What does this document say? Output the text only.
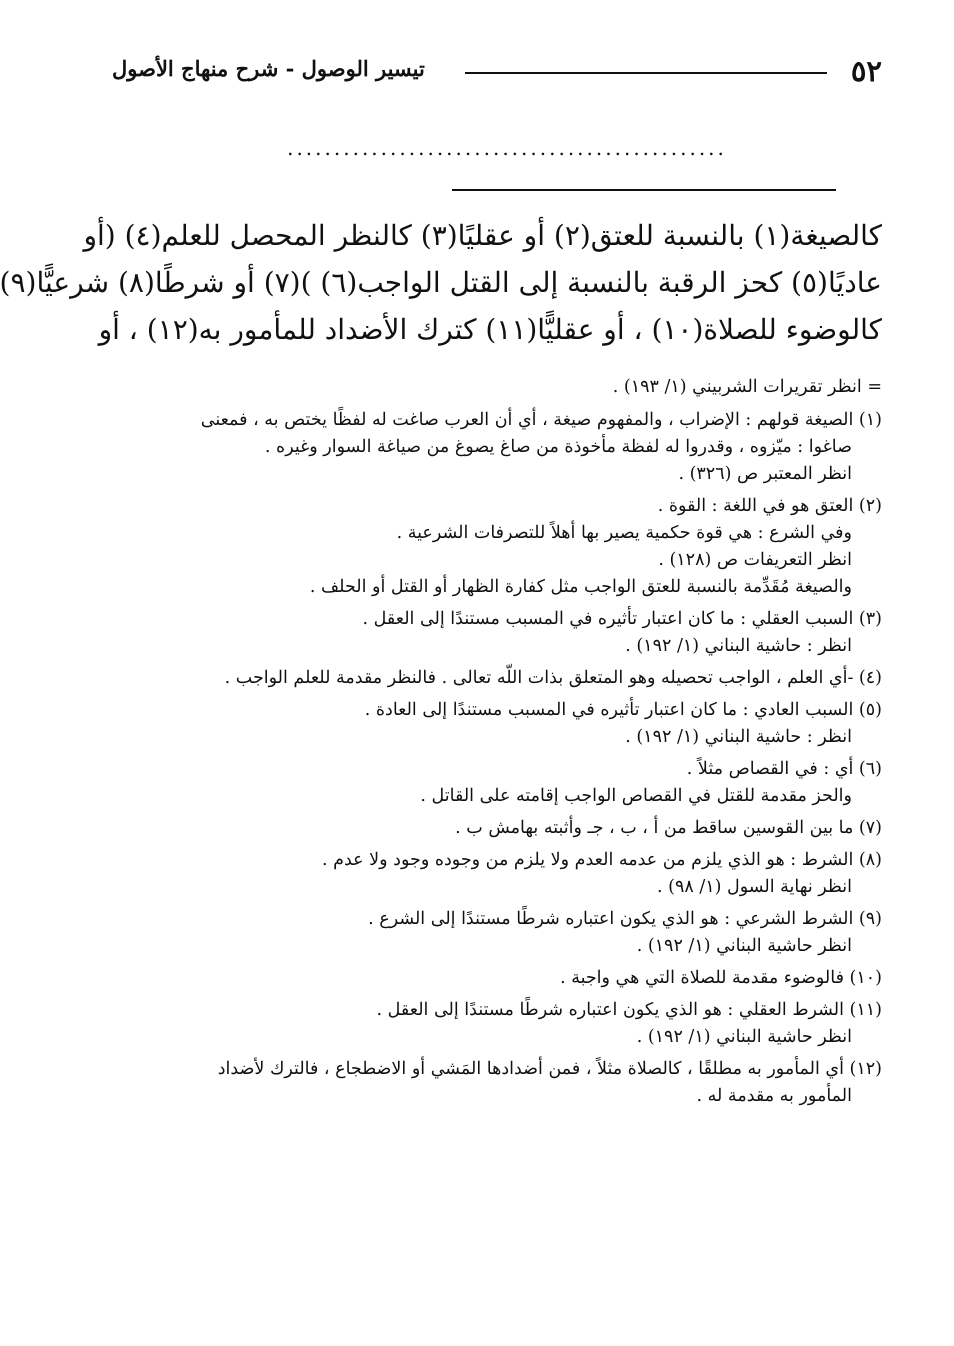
٥٢
تيسير الوصول - شرح منهاج الأصول
...............................................
كالصيغة(١) بالنسبة للعتق(٢) أو عقليًا(٣) كالنظر المحصل للعلم(٤) (أو
عاديًا(٥) كحز الرقبة بالنسبة إلى القتل الواجب(٦) )(٧) أو شرطًا(٨) شرعيًّا(٩)
كالوضوء للصلاة(١٠) ، أو عقليًّا(١١) كترك الأضداد للمأمور به(١٢) ، أو
= انظر تقريرات الشربيني (١/ ١٩٣) .
(١) الصيغة قولهم : الإضراب ، والمفهوم صيغة ، أي أن العرب صاغت له لفظًا يختص به ، فمعنى
صاغوا : ميّزوه ، وقدروا له لفظة مأخوذة من صاغ يصوغ من صياغة السوار وغيره .
انظر المعتبر ص (٣٢٦) .
(٢) العتق هو في اللغة : القوة .
وفي الشرع : هي قوة حكمية يصير بها أهلاً للتصرفات الشرعية .
انظر التعريفات ص (١٢٨) .
والصيغة مُقَدِّمة بالنسبة للعتق الواجب مثل كفارة الظهار أو القتل أو الحلف .
(٣) السبب العقلي : ما كان اعتبار تأثيره في المسبب مستندًا إلى العقل .
انظر : حاشية البناني (١/ ١٩٢) .
(٤) -أي العلم ، الواجب تحصيله وهو المتعلق بذات اللّه تعالى . فالنظر مقدمة للعلم الواجب .
(٥) السبب العادي : ما كان اعتبار تأثيره في المسبب مستندًا إلى العادة .
انظر : حاشية البناني (١/ ١٩٢) .
(٦) أي : في القصاص مثلاً .
والحز مقدمة للقتل في القصاص الواجب إقامته على القاتل .
(٧) ما بين القوسين ساقط من أ ، ب ، جـ وأثبته بهامش ب .
(٨) الشرط : هو الذي يلزم من عدمه العدم ولا يلزم من وجوده وجود ولا عدم .
انظر نهاية السول (١/ ٩٨) .
(٩) الشرط الشرعي : هو الذي يكون اعتباره شرطًا مستندًا إلى الشرع .
انظر حاشية البناني (١/ ١٩٢) .
(١٠) فالوضوء مقدمة للصلاة التي هي واجبة .
(١١) الشرط العقلي : هو الذي يكون اعتباره شرطًا مستندًا إلى العقل .
انظر حاشية البناني (١/ ١٩٢) .
(١٢) أي المأمور به مطلقًا ، كالصلاة مثلاً ، فمن أضدادها المَشي أو الاضطجاع ، فالترك لأضداد
المأمور به مقدمة له .
